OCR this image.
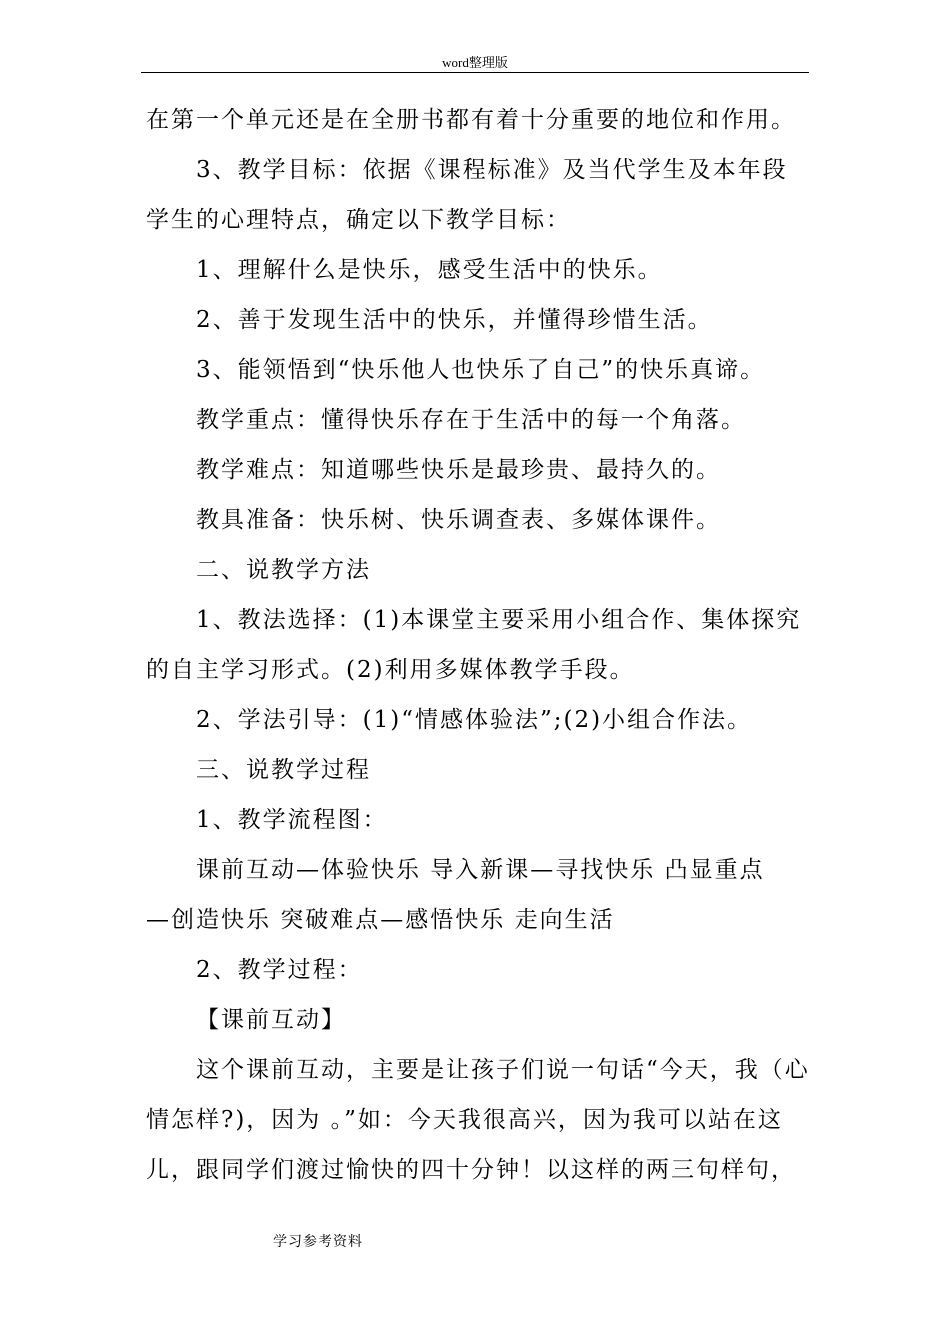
word整理版
在第一个单元还是在全册书都有着十分重要的地位和作用。
3、教学目标：依据《课程标准》及当代学生及本年段
学生的心理特点，确定以下教学目标：
1、理解什么是快乐，感受生活中的快乐。
2、善于发现生活中的快乐，并懂得珍惜生活。
3、能领悟到“快乐他人也快乐了自己”的快乐真谛。
教学重点：懂得快乐存在于生活中的每一个角落。
教学难点：知道哪些快乐是最珍贵、最持久的。
教具准备：快乐树、快乐调查表、多媒体课件。
二、说教学方法
1、教法选择：(1)本课堂主要采用小组合作、集体探究
的自主学习形式。(2)利用多媒体教学手段。
2、学法引导：(1)“情感体验法”;(2)小组合作法。
三、说教学过程
1、教学流程图：
课前互动—体验快乐 导入新课—寻找快乐 凸显重点
—创造快乐 突破难点—感悟快乐 走向生活
2、教学过程：
【课前互动】
这个课前互动，主要是让孩子们说一句话“今天，我（心
情怎样?)，因为 。”如：今天我很高兴，因为我可以站在这
儿，跟同学们渡过愉快的四十分钟！以这样的两三句样句，
学习参考资料
